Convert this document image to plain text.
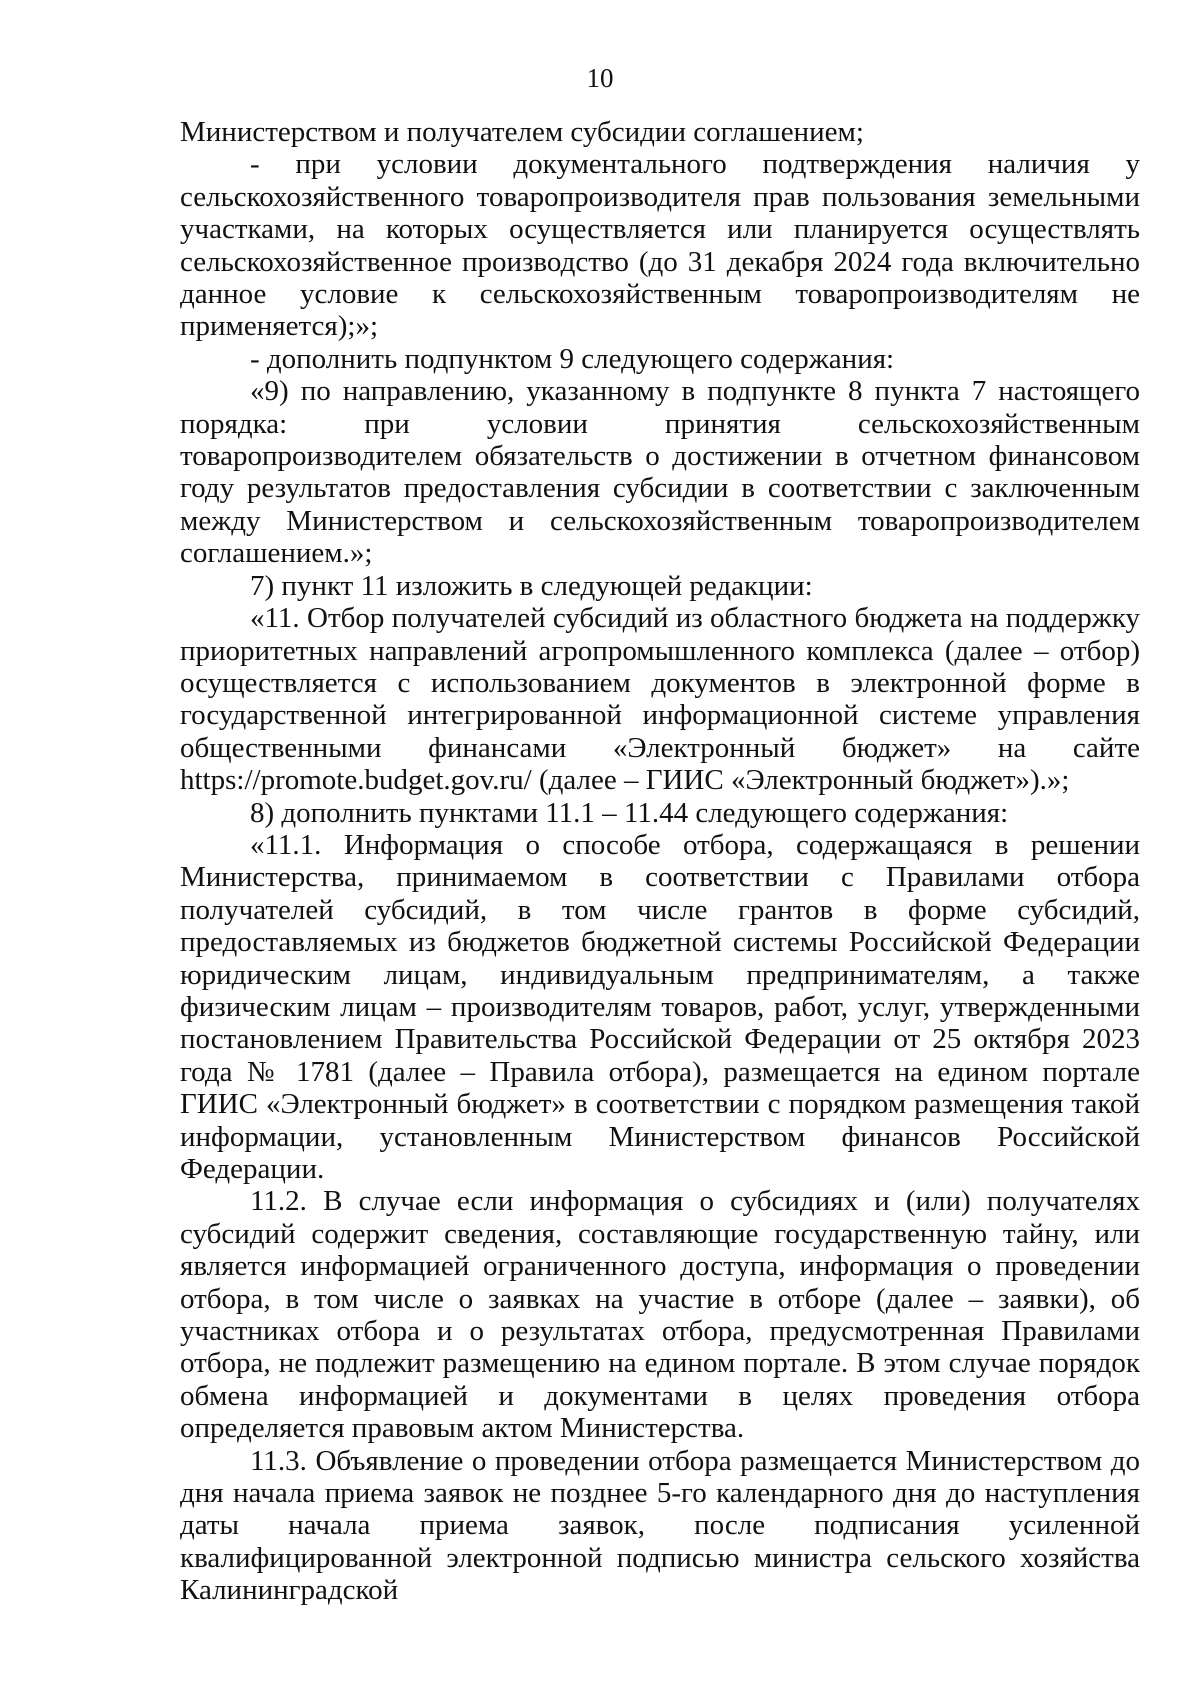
10

Министерством и получателем субсидии соглашением;

- при условии документального подтверждения наличия у сельскохозяйственного товаропроизводителя прав пользования земельными участками, на которых осуществляется или планируется осуществлять сельскохозяйственное производство (до 31 декабря 2024 года включительно данное условие к сельскохозяйственным товаропроизводителям не применяется);»;

- дополнить подпунктом 9 следующего содержания:

«9) по направлению, указанному в подпункте 8 пункта 7 настоящего порядка: при условии принятия сельскохозяйственным товаропроизводителем обязательств о достижении в отчетном финансовом году результатов предоставления субсидии в соответствии с заключенным между Министерством и сельскохозяйственным товаропроизводителем соглашением.»;

7) пункт 11 изложить в следующей редакции:

«11. Отбор получателей субсидий из областного бюджета на поддержку приоритетных направлений агропромышленного комплекса (далее – отбор) осуществляется с использованием документов в электронной форме в государственной интегрированной информационной системе управления общественными финансами «Электронный бюджет» на сайте https://promote.budget.gov.ru/ (далее – ГИИС «Электронный бюджет»).»;

8) дополнить пунктами 11.1 – 11.44 следующего содержания:

«11.1. Информация о способе отбора, содержащаяся в решении Министерства, принимаемом в соответствии с Правилами отбора получателей субсидий, в том числе грантов в форме субсидий, предоставляемых из бюджетов бюджетной системы Российской Федерации юридическим лицам, индивидуальным предпринимателям, а также физическим лицам – производителям товаров, работ, услуг, утвержденными постановлением Правительства Российской Федерации от 25 октября 2023 года № 1781 (далее – Правила отбора), размещается на едином портале ГИИС «Электронный бюджет» в соответствии с порядком размещения такой информации, установленным Министерством финансов Российской Федерации.

11.2. В случае если информация о субсидиях и (или) получателях субсидий содержит сведения, составляющие государственную тайну, или является информацией ограниченного доступа, информация о проведении отбора, в том числе о заявках на участие в отборе (далее – заявки), об участниках отбора и о результатах отбора, предусмотренная Правилами отбора, не подлежит размещению на едином портале. В этом случае порядок обмена информацией и документами в целях проведения отбора определяется правовым актом Министерства.

11.3. Объявление о проведении отбора размещается Министерством до дня начала приема заявок не позднее 5-го календарного дня до наступления даты начала приема заявок, после подписания усиленной квалифицированной электронной подписью министра сельского хозяйства Калининградской
